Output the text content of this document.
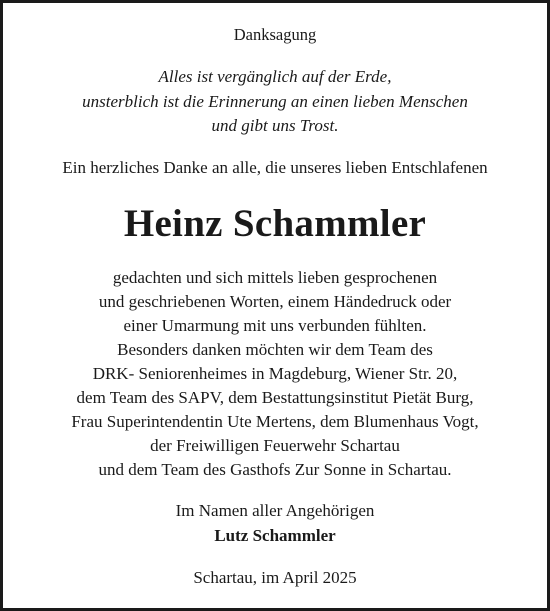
Danksagung
Alles ist vergänglich auf der Erde,
unsterblich ist die Erinnerung an einen lieben Menschen
und gibt uns Trost.
Ein herzliches Danke an alle, die unseres lieben Entschlafenen
Heinz Schammler
gedachten und sich mittels lieben gesprochenen
und geschriebenen Worten, einem Händedruck oder
einer Umarmung mit uns verbunden fühlten.
Besonders danken möchten wir dem Team des
DRK- Seniorenheimes in Magdeburg, Wiener Str. 20,
dem Team des SAPV, dem Bestattungsinstitut Pietät Burg,
Frau Superintendentin Ute Mertens, dem Blumenhaus Vogt,
der Freiwilligen Feuerwehr Schartau
und dem Team des Gasthofs Zur Sonne in Schartau.
Im Namen aller Angehörigen
Lutz Schammler
Schartau, im April 2025
